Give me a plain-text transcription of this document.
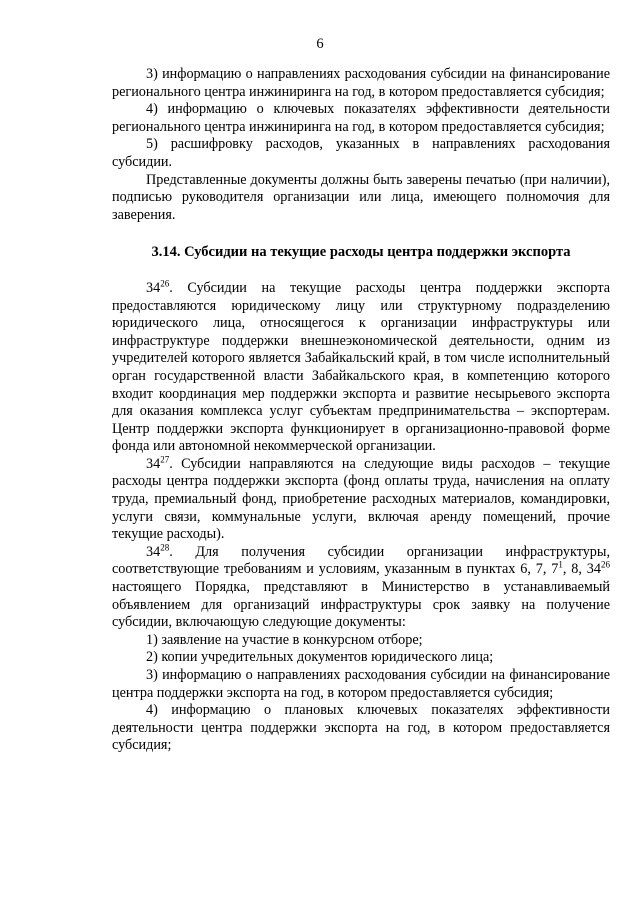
6

3) информацию о направлениях расходования субсидии на финансирование регионального центра инжиниринга на год, в котором предоставляется субсидия;

4) информацию о ключевых показателях эффективности деятельности регионального центра инжиниринга на год, в котором предоставляется субсидия;

5) расшифровку расходов, указанных в направлениях расходования субсидии.

Представленные документы должны быть заверены печатью (при наличии), подписью руководителя организации или лица, имеющего полномочия для заверения.

3.14. Субсидии на текущие расходы центра поддержки экспорта

$34^{26}$. Субсидии на текущие расходы центра поддержки экспорта предоставляются юридическому лицу или структурному подразделению юридического лица, относящегося к организации инфраструктуры или инфраструктуре поддержки внешнеэкономической деятельности, одним из учредителей которого является Забайкальский край, в том числе исполнительный орган государственной власти Забайкальского края, в компетенцию которого входит координация мер поддержки экспорта и развитие несырьевого экспорта для оказания комплекса услуг субъектам предпринимательства – экспортерам. Центр поддержки экспорта функционирует в организационно-правовой форме фонда или автономной некоммерческой организации.

$34^{27}$. Субсидии направляются на следующие виды расходов – текущие расходы центра поддержки экспорта (фонд оплаты труда, начисления на оплату труда, премиальный фонд, приобретение расходных материалов, командировки, услуги связи, коммунальные услуги, включая аренду помещений, прочие текущие расходы).

$34^{28}$. Для получения субсидии организации инфраструктуры, соответствующие требованиям и условиям, указанным в пунктах 6, 7, $7^1$, 8, $34^{26}$ настоящего Порядка, представляют в Министерство в устанавливаемый объявлением для организаций инфраструктуры срок заявку на получение субсидии, включающую следующие документы:

1) заявление на участие в конкурсном отборе;

2) копии учредительных документов юридического лица;

3) информацию о направлениях расходования субсидии на финансирование центра поддержки экспорта на год, в котором предоставляется субсидия;

4) информацию о плановых ключевых показателях эффективности деятельности центра поддержки экспорта на год, в котором предоставляется субсидия;
